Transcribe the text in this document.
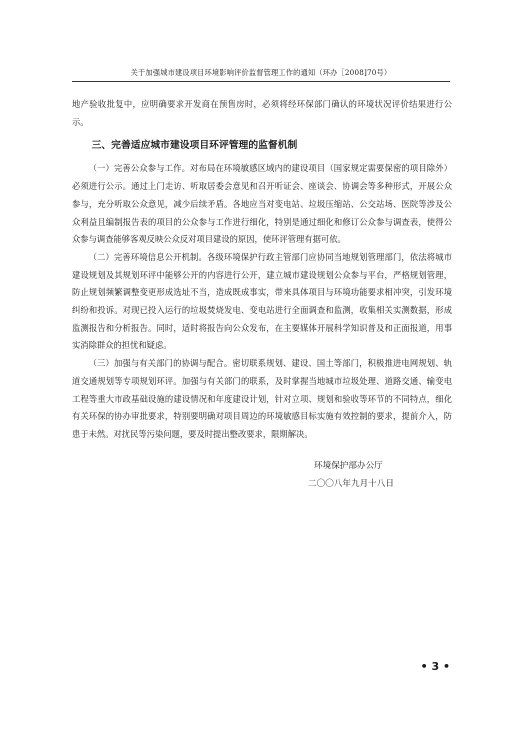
关于加强城市建设项目环境影响评价监督管理工作的通知（环办［2008]70号）

地产验收批复中，应明确要求开发商在预售房时，必须将经环保部门确认的环境状况评价结果进行公示。

三、完善适应城市建设项目环评管理的监督机制

（一）完善公众参与工作。对布局在环境敏感区域内的建设项目（国家规定需要保密的项目除外）必须进行公示。通过上门走访、听取居委会意见和召开听证会、座谈会、协调会等多种形式，开展公众参与，充分听取公众意见，减少后续矛盾。各地应当对变电站、垃圾压缩站、公交站场、医院等涉及公众利益且编制报告表的项目的公众参与工作进行细化，特别是通过细化和修订公众参与调查表，使得公众参与调查能够客观反映公众反对项目建设的原因，使环评管理有据可依。

（二）完善环境信息公开机制。各级环境保护行政主管部门应协同当地规划管理部门，依法将城市建设规划及其规划环评中能够公开的内容进行公开，建立城市建设规划公众参与平台，严格规划管理，防止规划频繁调整变更形成选址不当，造成既成事实，带来具体项目与环境功能要求相冲突，引发环境纠纷和投诉。对现已投入运行的垃圾焚烧发电、变电站进行全面调查和监测，收集相关实测数据，形成监测报告和分析报告。同时，适时将报告向公众发布，在主要媒体开展科学知识普及和正面报道，用事实消除群众的担忧和疑虑。

（三）加强与有关部门的协调与配合。密切联系规划、建设、国土等部门，积极推进电网规划、轨道交通规划等专项规划环评。加强与有关部门的联系，及时掌握当地城市垃圾处理、道路交通、输变电工程等重大市政基础设施的建设情况和年度建设计划，针对立项、规划和验收等环节的不同特点，细化有关环保的协办审批要求，特别要明确对项目周边的环境敏感目标实施有效控制的要求，提前介入，防患于未然。对扰民等污染问题，要及时提出整改要求，限期解决。

环境保护部办公厅
二〇〇八年九月十八日
• 3 •
